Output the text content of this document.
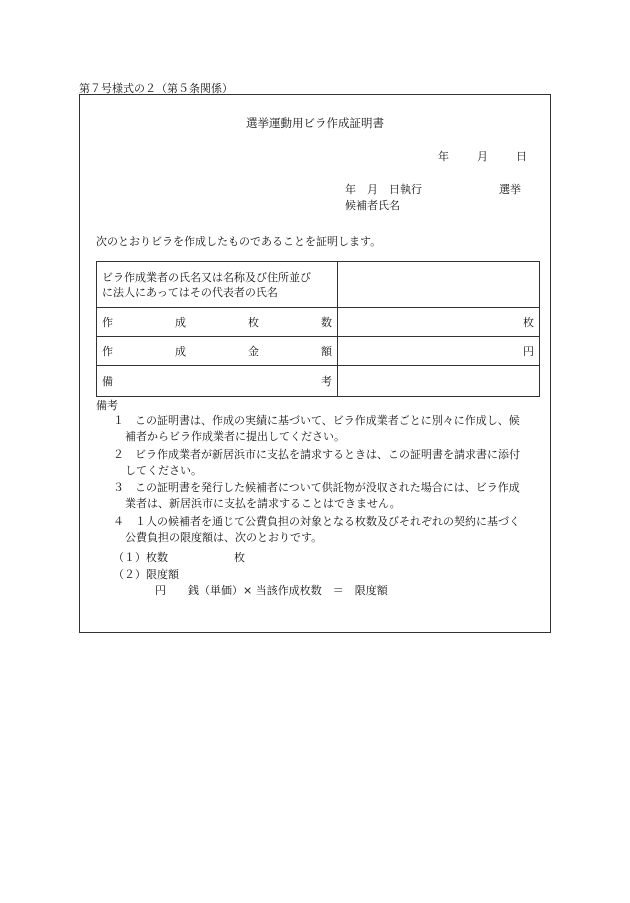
第７号様式の２（第５条関係）
選挙運動用ビラ作成証明書
年	月	日
年　月　日執行　　　　　　　選挙
候補者氏名
次のとおりビラを作成したものであることを証明します。
ビラ作成業者の氏名又は名称及び住所並び
に法人にあってはその代表者の氏名	

作 成 枚 数	枚

作 成 金 額	円

備 考	

備考
１　この証明書は、作成の実績に基づいて、ビラ作成業者ごとに別々に作成し、候
補者からビラ作成業者に提出してください。
２　ビラ作成業者が新居浜市に支払を請求するときは、この証明書を請求書に添付
してください。
３　この証明書を発行した候補者について供託物が没収された場合には、ビラ作成
業者は、新居浜市に支払を請求することはできません。
４　１人の候補者を通じて公費負担の対象となる枚数及びそれぞれの契約に基づく
公費負担の限度額は、次のとおりです。
（１）枚数　　　　　　枚
（２）限度額
円　　銭（単価）× 当該作成枚数　＝　限度額
